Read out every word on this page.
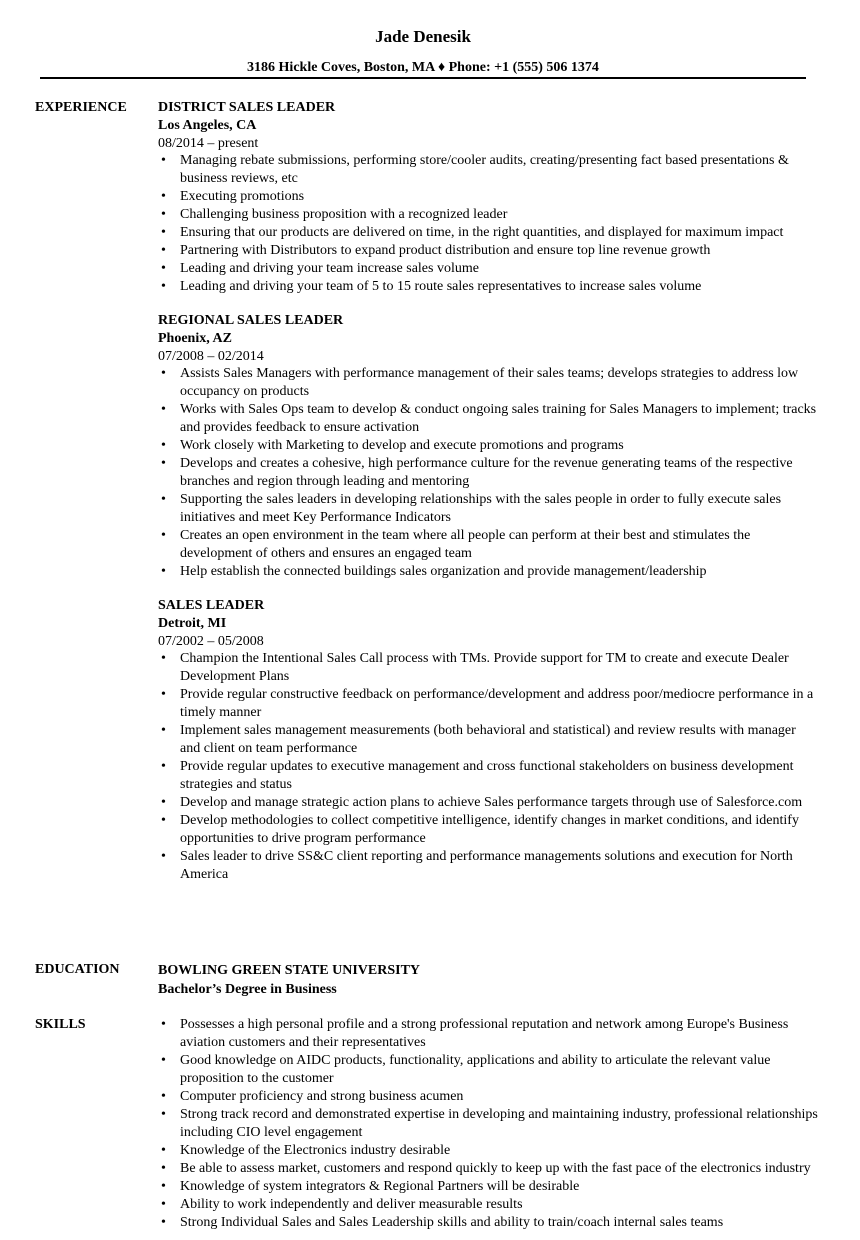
Jade Denesik
3186 Hickle Coves, Boston, MA ♦ Phone: +1 (555) 506 1374
EXPERIENCE DISTRICT SALES LEADER
Los Angeles, CA
08/2014 – present
• Managing rebate submissions, performing store/cooler audits, creating/presenting fact based presentations & business reviews, etc
• Executing promotions
• Challenging business proposition with a recognized leader
• Ensuring that our products are delivered on time, in the right quantities, and displayed for maximum impact
• Partnering with Distributors to expand product distribution and ensure top line revenue growth
• Leading and driving your team increase sales volume
• Leading and driving your team of 5 to 15 route sales representatives to increase sales volume
REGIONAL SALES LEADER
Phoenix, AZ
07/2008 – 02/2014
• Assists Sales Managers with performance management of their sales teams; develops strategies to address low occupancy on products
• Works with Sales Ops team to develop & conduct ongoing sales training for Sales Managers to implement; tracks and provides feedback to ensure activation
• Work closely with Marketing to develop and execute promotions and programs
• Develops and creates a cohesive, high performance culture for the revenue generating teams of the respective branches and region through leading and mentoring
• Supporting the sales leaders in developing relationships with the sales people in order to fully execute sales initiatives and meet Key Performance Indicators
• Creates an open environment in the team where all people can perform at their best and stimulates the development of others and ensures an engaged team
• Help establish the connected buildings sales organization and provide management/leadership
SALES LEADER
Detroit, MI
07/2002 – 05/2008
• Champion the Intentional Sales Call process with TMs. Provide support for TM to create and execute Dealer Development Plans
• Provide regular constructive feedback on performance/development and address poor/mediocre performance in a timely manner
• Implement sales management measurements (both behavioral and statistical) and review results with manager and client on team performance
• Provide regular updates to executive management and cross functional stakeholders on business development strategies and status
• Develop and manage strategic action plans to achieve Sales performance targets through use of Salesforce.com
• Develop methodologies to collect competitive intelligence, identify changes in market conditions, and identify opportunities to drive program performance
• Sales leader to drive SS&C client reporting and performance managements solutions and execution for North America
EDUCATION	BOWLING GREEN STATE UNIVERSITY
Bachelor’s Degree in Business
SKILLS
•	Possesses a high personal profile and a strong professional reputation and network among Europe's Business aviation customers and their representatives
• Good knowledge on AIDC products, functionality, applications and ability to articulate the relevant value proposition to the customer
• Computer proficiency and strong business acumen
• Strong track record and demonstrated expertise in developing and maintaining industry, professional relationships including CIO level engagement
• Knowledge of the Electronics industry desirable
• Be able to assess market, customers and respond quickly to keep up with the fast pace of the electronics industry
• Knowledge of system integrators & Regional Partners will be desirable
• Ability to work independently and deliver measurable results
• Strong Individual Sales and Sales Leadership skills and ability to train/coach internal sales teams
